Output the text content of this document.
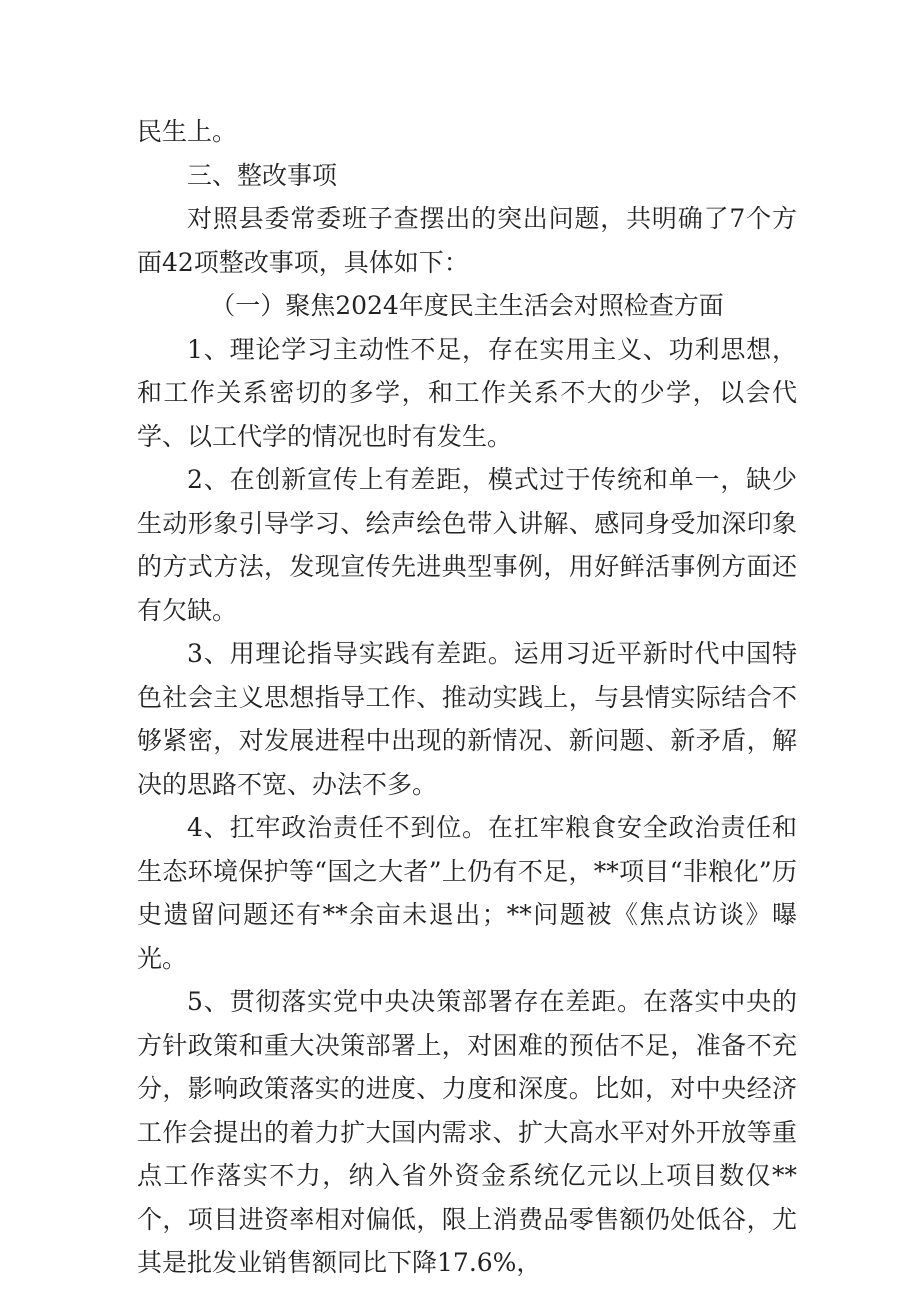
民生上。

三、整改事项

对照县委常委班子查摆出的突出问题，共明确了7个方面42项整改事项，具体如下：

（一）聚焦2024年度民主生活会对照检查方面

1、理论学习主动性不足，存在实用主义、功利思想，和工作关系密切的多学，和工作关系不大的少学，以会代学、以工代学的情况也时有发生。

2、在创新宣传上有差距，模式过于传统和单一，缺少生动形象引导学习、绘声绘色带入讲解、感同身受加深印象的方式方法，发现宣传先进典型事例，用好鲜活事例方面还有欠缺。

3、用理论指导实践有差距。运用习近平新时代中国特色社会主义思想指导工作、推动实践上，与县情实际结合不够紧密，对发展进程中出现的新情况、新问题、新矛盾，解决的思路不宽、办法不多。

4、扛牢政治责任不到位。在扛牢粮食安全政治责任和生态环境保护等“国之大者”上仍有不足，**项目“非粮化”历史遗留问题还有**余亩未退出；**问题被《焦点访谈》曝光。

5、贯彻落实党中央决策部署存在差距。在落实中央的方针政策和重大决策部署上，对困难的预估不足，准备不充分，影响政策落实的进度、力度和深度。比如，对中央经济工作会提出的着力扩大国内需求、扩大高水平对外开放等重点工作落实不力，纳入省外资金系统亿元以上项目数仅**个，项目进资率相对偏低，限上消费品零售额仍处低谷，尤其是批发业销售额同比下降17.6%，
